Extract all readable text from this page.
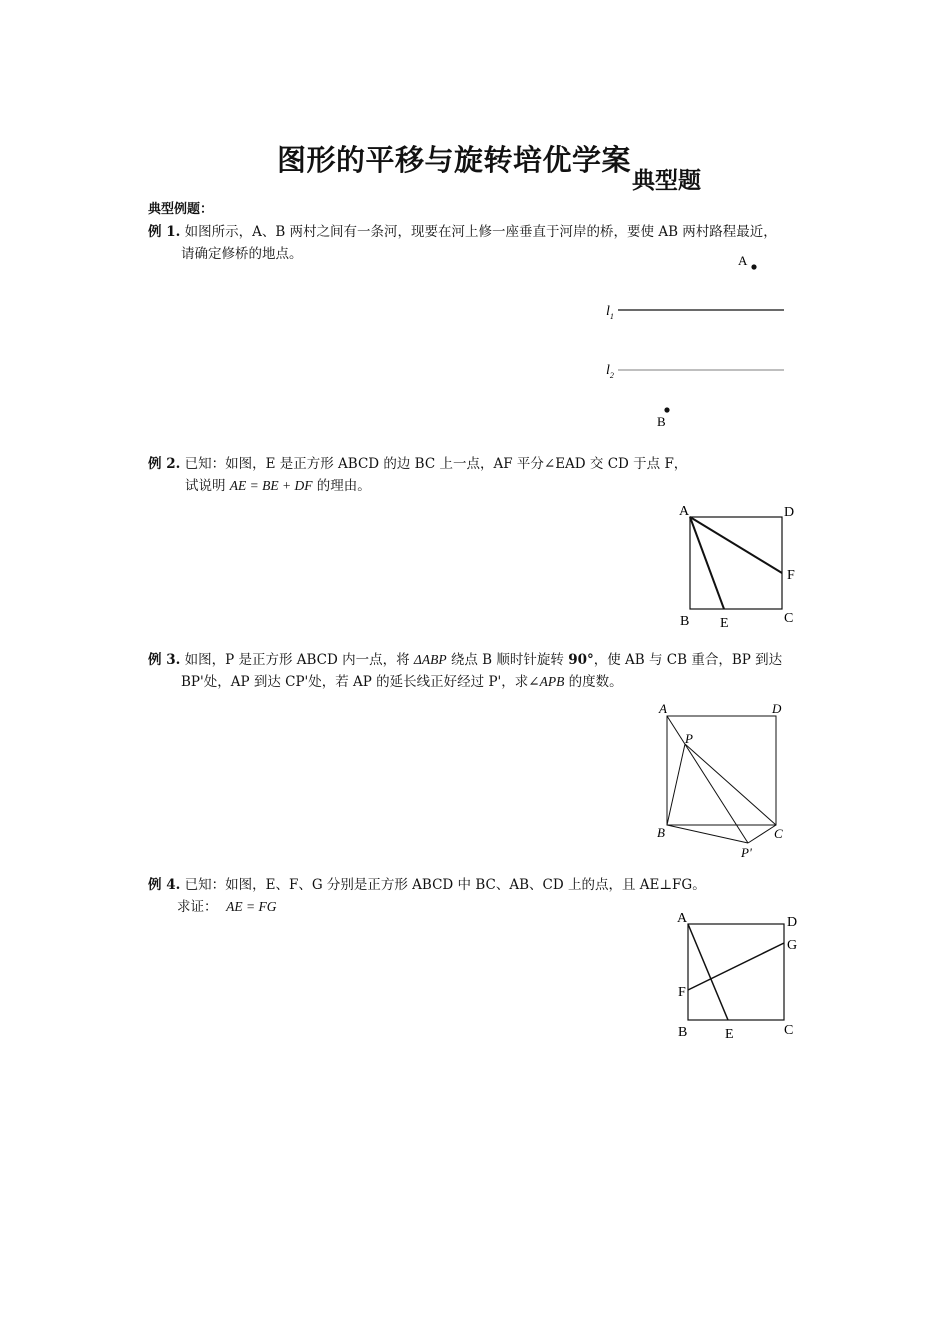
图形的平移与旋转培优学案
典型题
典型例题：
例 1. 如图所示，A、B 两村之间有一条河，现要在河上修一座垂直于河岸的桥，要使 AB 两村路程最近，
请确定修桥的地点。	A
$l_1$
$l_2$
B
例 2. 已知：如图，E 是正方形 ABCD 的边 BC 上一点，AF 平分∠EAD 交 CD 于点 F，
试说明 AE = BE + DF 的理由。
A	D
F
B E	C
例 3. 如图，P 是正方形 ABCD 内一点，将 ΔABP 绕点 B 顺时针旋转 90°，使 AB 与 CB 重合，BP 到达
BP'处，AP 到达 CP'处，若 AP 的延长线正好经过 P'，求∠APB 的度数。
A	D
P
B	C
P'
例 4. 已知：如图，E、F、G 分别是正方形 ABCD 中 BC、AB、CD 上的点，且 AE⊥FG。
求证： AE = FG
A	D
G
F
B	E	C
